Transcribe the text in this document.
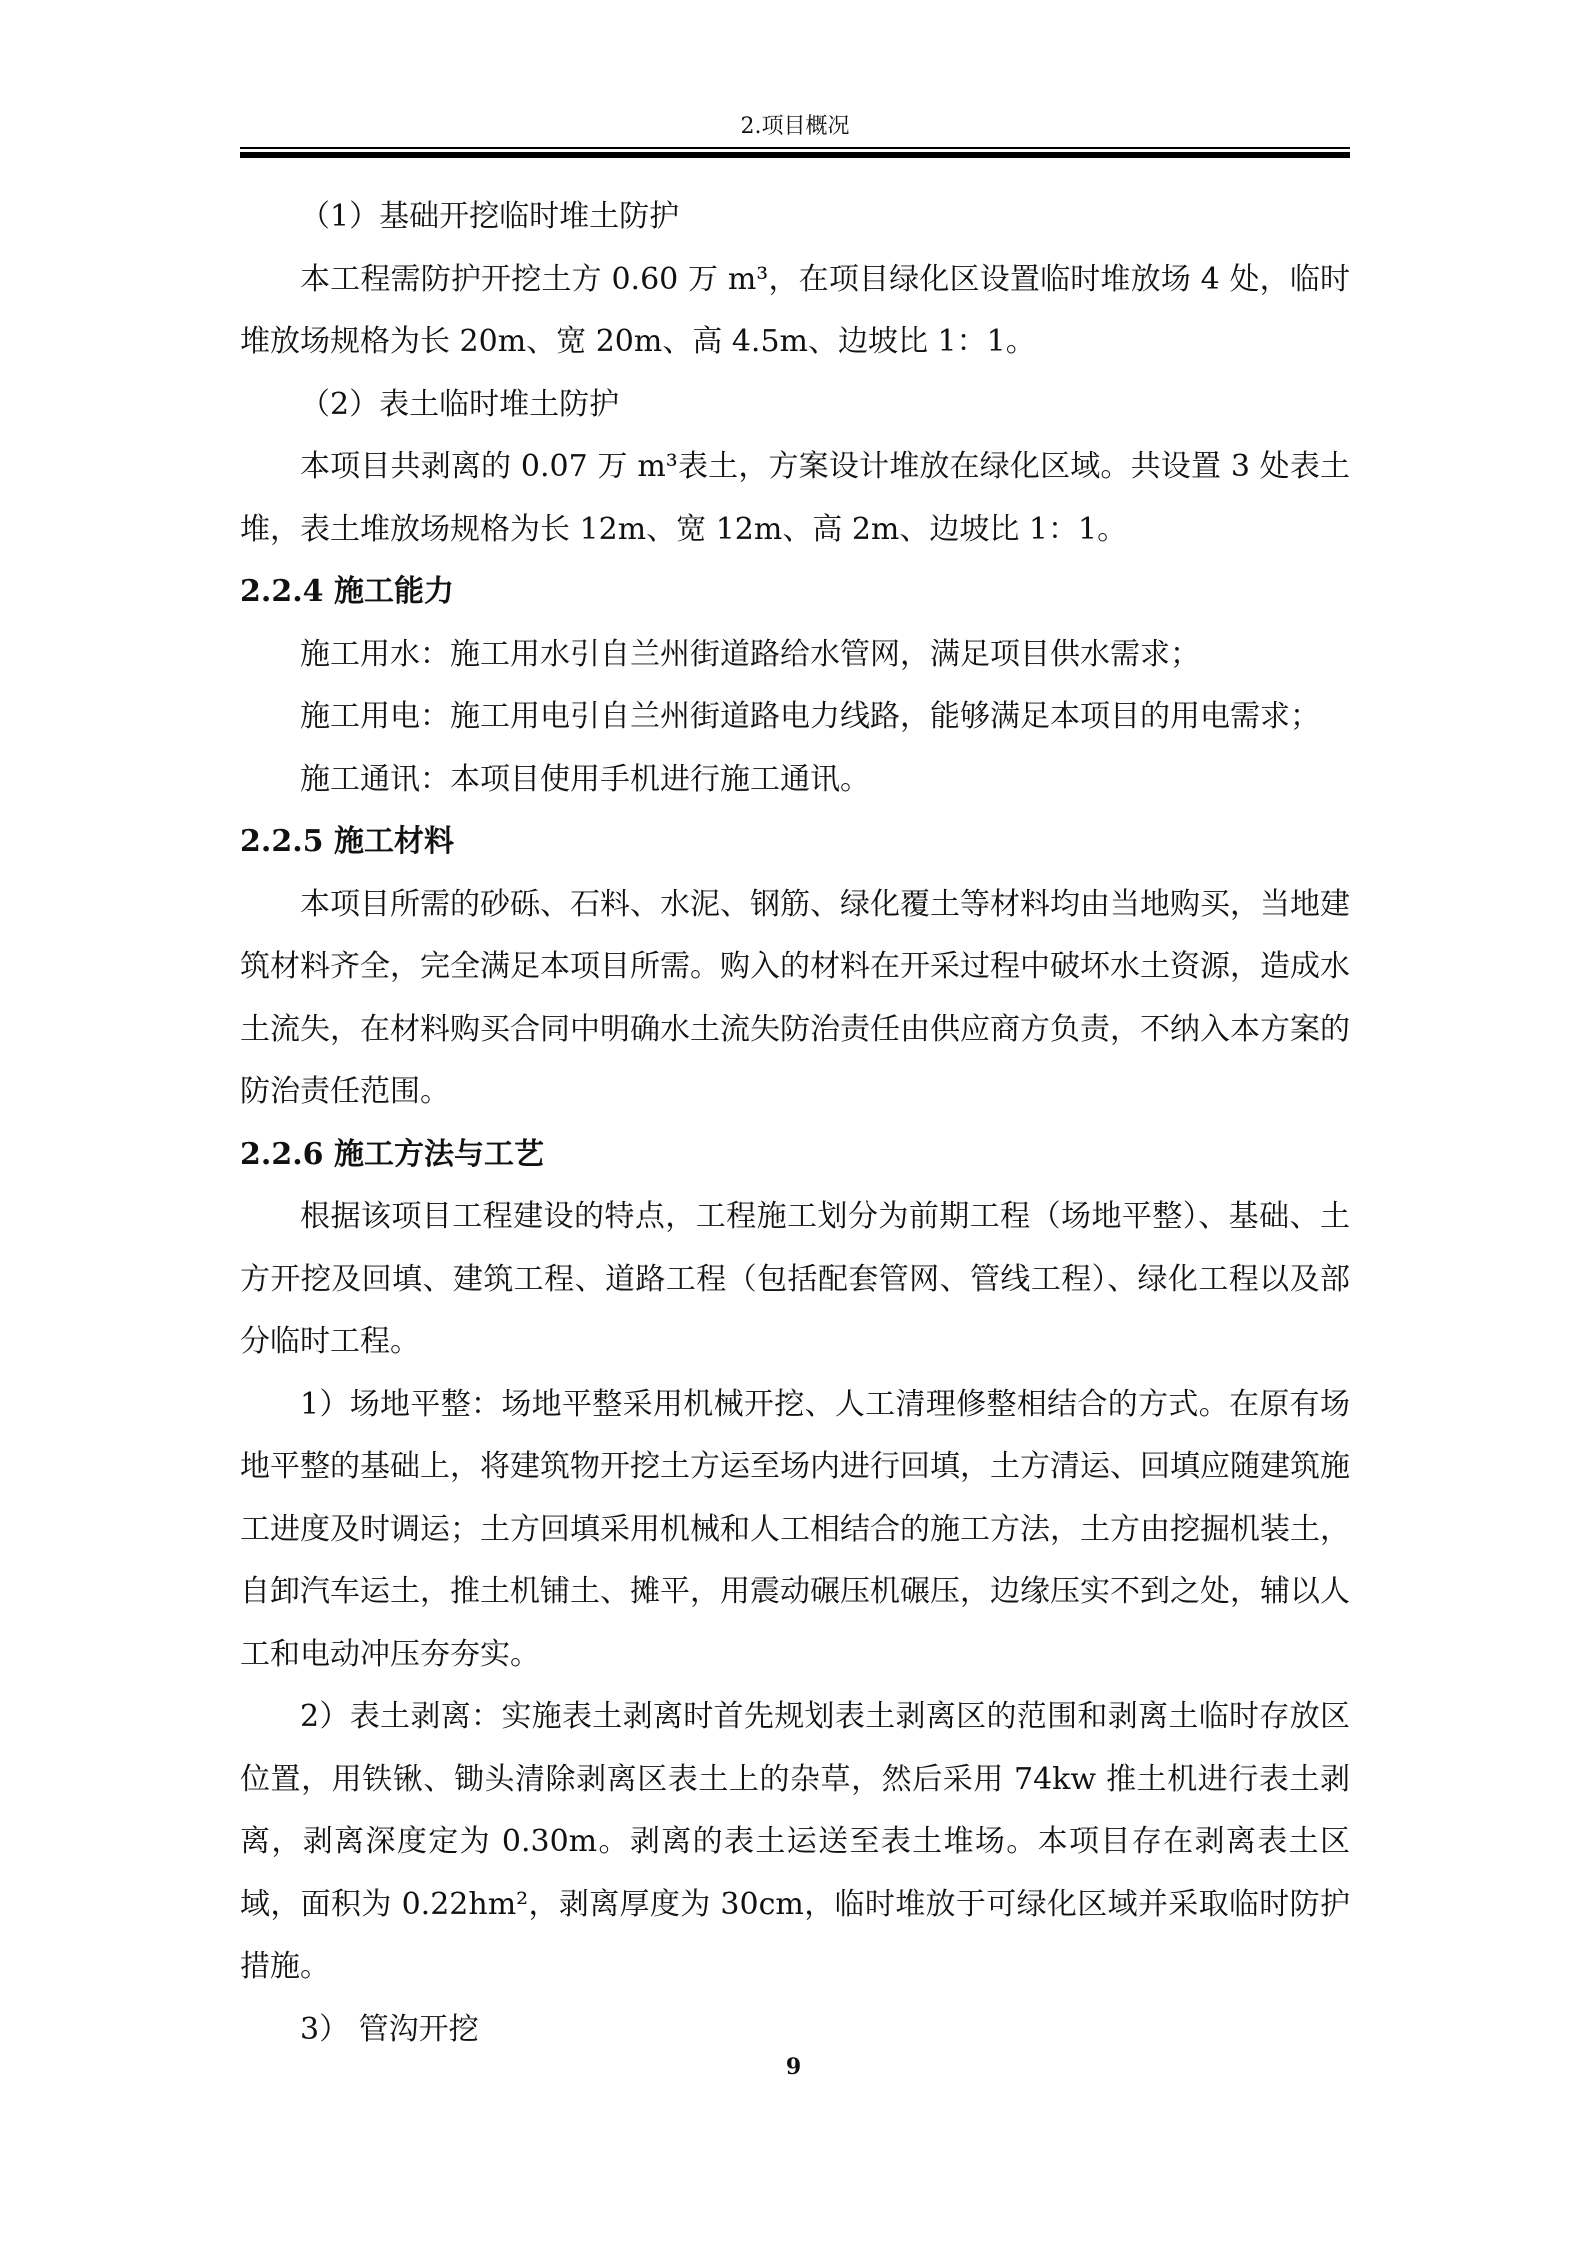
2.项目概况

（1）基础开挖临时堆土防护

本工程需防护开挖土方 0.60 万 m³，在项目绿化区设置临时堆放场 4 处，临时堆放场规格为长 20m、宽 20m、高 4.5m、边坡比 1：1。

（2）表土临时堆土防护

本项目共剥离的 0.07 万 m³表土，方案设计堆放在绿化区域。共设置 3 处表土堆，表土堆放场规格为长 12m、宽 12m、高 2m、边坡比 1：1。

2.2.4 施工能力

施工用水：施工用水引自兰州街道路给水管网，满足项目供水需求；

施工用电：施工用电引自兰州街道路电力线路，能够满足本项目的用电需求；

施工通讯：本项目使用手机进行施工通讯。

2.2.5 施工材料

本项目所需的砂砾、石料、水泥、钢筋、绿化覆土等材料均由当地购买，当地建筑材料齐全，完全满足本项目所需。购入的材料在开采过程中破坏水土资源，造成水土流失，在材料购买合同中明确水土流失防治责任由供应商方负责，不纳入本方案的防治责任范围。

2.2.6 施工方法与工艺

根据该项目工程建设的特点，工程施工划分为前期工程（场地平整）、基础、土方开挖及回填、建筑工程、道路工程（包括配套管网、管线工程）、绿化工程以及部分临时工程。

1）场地平整：场地平整采用机械开挖、人工清理修整相结合的方式。在原有场地平整的基础上，将建筑物开挖土方运至场内进行回填，土方清运、回填应随建筑施工进度及时调运；土方回填采用机械和人工相结合的施工方法，土方由挖掘机装土，自卸汽车运土，推土机铺土、摊平，用震动碾压机碾压，边缘压实不到之处，辅以人工和电动冲压夯夯实。

2）表土剥离：实施表土剥离时首先规划表土剥离区的范围和剥离土临时存放区位置，用铁锹、锄头清除剥离区表土上的杂草，然后采用 74kw 推土机进行表土剥离，剥离深度定为 0.30m。剥离的表土运送至表土堆场。本项目存在剥离表土区域，面积为 0.22hm²，剥离厚度为 30cm，临时堆放于可绿化区域并采取临时防护措施。

3） 管沟开挖

9
